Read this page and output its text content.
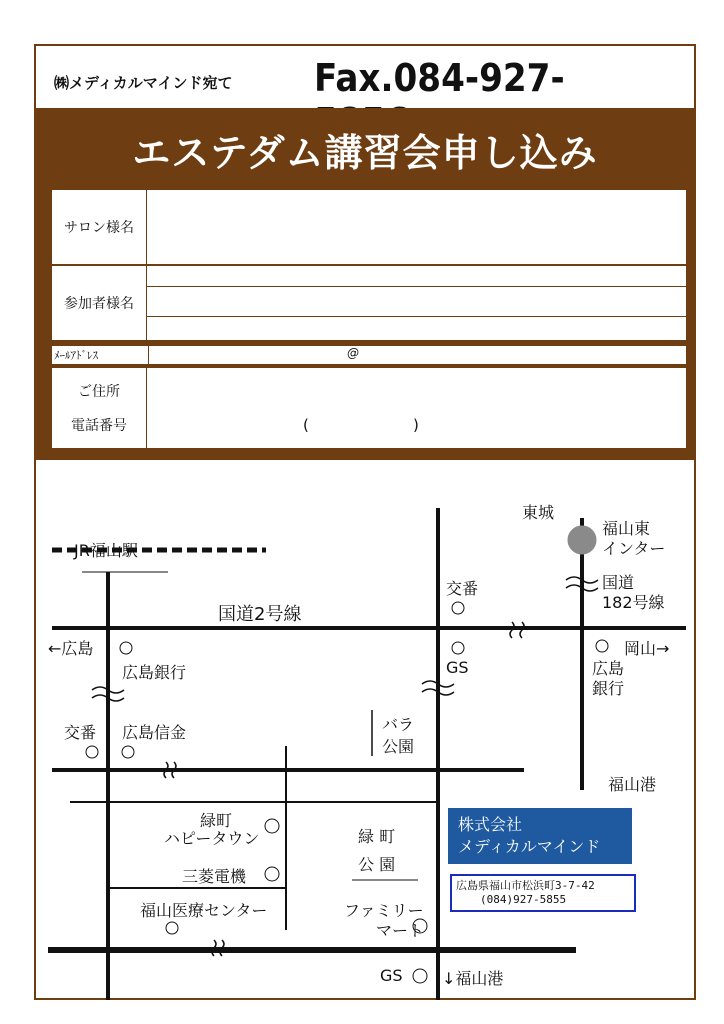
㈱メディカルマインド宛て Fax.084-927-
エステダム講習会申し込み
サロン様名
参加者様名
ﾒｰﾙｱﾄﾞﾚｽ	@
ご住所
電話番号	(	)
JR福山駅
国道2号線
←広島
広島銀行
交番 広島信金
緑町
ハピータウン
三菱電機
福山医療センター
バラ
公園
交番
GS
緑 町
公 園
ファミリー
マート
GS ↓福山港
東城
福山東
インター
国道
182号線
岡山→
広島
銀行
福山港
株式会社
メディカルマインド
広島県福山市松浜町3-7-42
(084)927-5855
